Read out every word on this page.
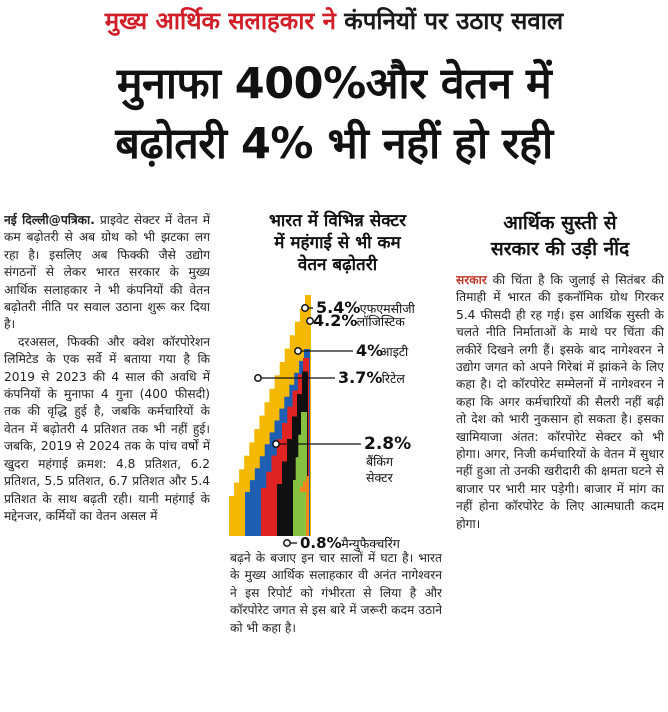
मुख्य आर्थिक सलाहकार ने कंपनियों पर उठाए सवाल
मुनाफा 400%और वेतन में
बढ़ोतरी 4% भी नहीं हो रही

नई दिल्ली@पत्रिका. प्राइवेट सेक्टर में वेतन में कम बढ़ोतरी से अब ग्रोथ को भी झटका लग रहा है। इसलिए अब फिक्की जैसे उद्योग संगठनों से लेकर भारत सरकार के मुख्य आर्थिक सलाहकार ने भी कंपनियों की वेतन बढ़ोतरी नीति पर सवाल उठाना शुरू कर दिया है।

दरअसल, फिक्की और क्वेश कॉरपोरेशन लिमिटेड के एक सर्वे में बताया गया है कि 2019 से 2023 की 4 साल की अवधि में कंपनियों के मुनाफा 4 गुना (400 फीसदी) तक की वृद्धि हुई है, जबकि कर्मचारियों के वेतन में बढ़ोतरी 4 प्रतिशत तक भी नहीं हुई। जबकि, 2019 से 2024 तक के पांच वर्षों में खुदरा महंगाई क्रमश: 4.8 प्रतिशत, 6.2 प्रतिशत, 5.5 प्रतिशत, 6.7 प्रतिशत और 5.4 प्रतिशत के साथ बढ़ती रही। यानी महंगाई के मद्देनजर, कर्मियों का वेतन असल में

भारत में विभिन्न सेक्टर
में महंगाई से भी कम
वेतन बढ़ोतरी
5.4% एफएमसीजी
4.2% लॉजिस्टिक
4%
आइटी
3.7% रिटेल
2.8%
बैंकिंग
सेक्टर
0.8% मैन्युफैक्चरिंग

बढ़ने के बजाए इन चार सालों में घटा है। भारत के मुख्य आर्थिक सलाहकार वी अनंत नागेश्वरन ने इस रिपोर्ट को गंभीरता से लिया है और कॉरपोरेट जगत से इस बारे में जरूरी कदम उठाने को भी कहा है।

आर्थिक सुस्ती से
सरकार की उड़ी नींद

सरकार की चिंता है कि जुलाई से सितंबर की तिमाही में भारत की इकनॉमिक ग्रोथ गिरकर 5.4 फीसदी ही रह गई। इस आर्थिक सुस्ती के चलते नीति निर्माताओं के माथे पर चिंता की लकीरें दिखने लगी हैं। इसके बाद नागेश्वरन ने उद्योग जगत को अपने गिरेबां में झांकने के लिए कहा है। दो कॉरपोरेट सम्मेलनों में नागेश्वरन ने कहा कि अगर कर्मचारियों की सैलरी नहीं बढ़ी तो देश को भारी नुकसान हो सकता है। इसका खामियाजा अंतत: कॉरपोरेट सेक्टर को भी होगा। अगर, निजी कर्मचारियों के वेतन में सुधार नहीं हुआ तो उनकी खरीदारी की क्षमता घटने से बाजार पर भारी मार पड़ेगी। बाजार में मांग का नहीं होना कॉरपोरेट के लिए आत्मघाती कदम होगा।
